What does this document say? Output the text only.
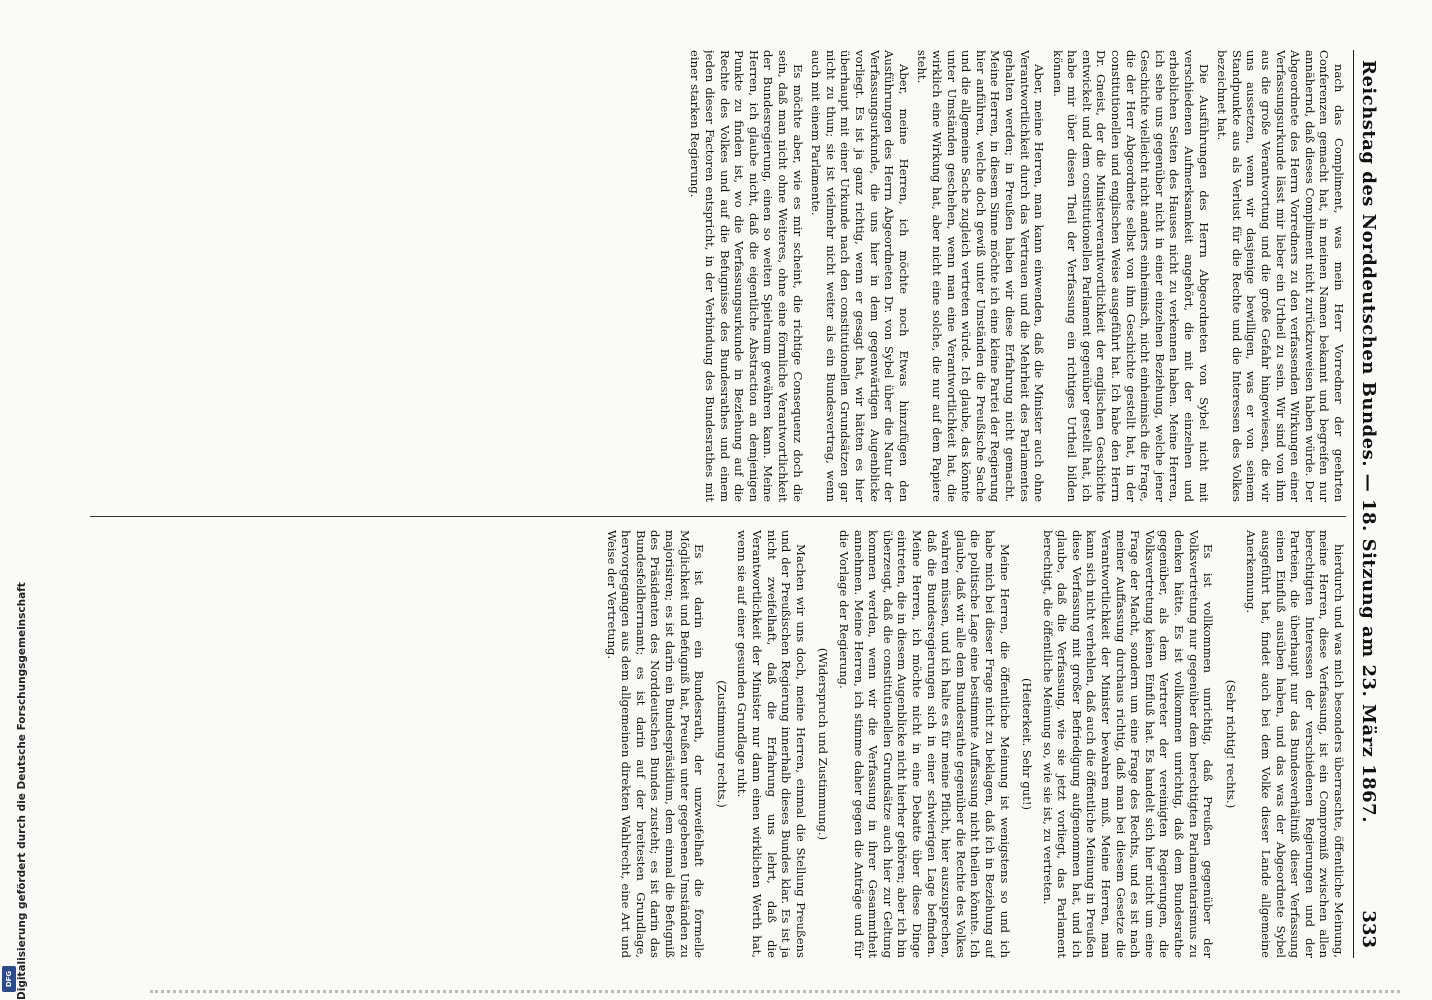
Reichstag des Norddeutschen Bundes. — 18. Sitzung am 23. März 1867.
333

nach das Compliment, was mein Herr Vorredner der geehrten Conferenzen gemacht hat, in meinen Namen bekannt und begreifen nur annähernd, daß dieses Compliment nicht zurückzuweisen haben würde. Der Abgeordnete des Herrn Vorredners zu den verfassenden Wirkungen einer Verfassungsurkunde lässt mir lieber ein Urtheil zu sein. Wir sind von ihm aus die große Verantwortung und die große Gefahr hingewiesen, die wir uns aussetzen, wenn wir dasjenige bewilligen, was er von seinem Standpunkte aus als Verlust für die Rechte und die Interessen des Volkes bezeichnet hat.

Die Ausführungen des Herrn Abgeordneten von Sybel nicht mit verschiedenen Aufmerksamkeit angehört, die mit der einzelnen und erheblichen Seiten des Hauses nicht zu verkennen haben. Meine Herren, ich sehe uns gegenüber nicht in einer einzelnen Beziehung, welche jener Geschichte vielleicht nicht anders einheimisch, nicht einheimisch die Frage, die der Herr Abgeordnete selbst von ihm Geschichte gestellt hat, in der constitutionellen und englischen Weise ausgeführt hat. Ich habe den Herrn Dr. Gneist, der die Ministerverantwortlichkeit der englischen Geschichte entwickelt und dem constitutionellen Parlament gegenüber gestellt hat, ich habe mir über diesen Theil der Verfassung ein richtiges Urtheil bilden können.

Aber, meine Herren, man kann einwenden, daß die Minister auch ohne Verantwortlichkeit durch das Vertrauen und die Mehrheit des Parlamentes gehalten werden; in Preußen haben wir diese Erfahrung nicht gemacht. Meine Herren, in diesem Sinne möchte ich eine kleine Partei der Regierung hier anführen, welche doch gewiß unter Umständen die Preußische Sache und die allgemeine Sache zugleich vertreten würde. Ich glaube, das könnte unter Umständen geschehen, wenn man eine Verantwortlichkeit hat, die wirklich eine Wirkung hat, aber nicht eine solche, die nur auf dem Papiere steht.

Aber, meine Herren, ich möchte noch Etwas hinzufügen den Ausführungen des Herrn Abgeordneten Dr. von Sybel über die Natur der Verfassungsurkunde, die uns hier in dem gegenwärtigen Augenblicke vorliegt. Es ist ja ganz richtig, wenn er gesagt hat, wir hätten es hier überhaupt mit einer Urkunde nach den constitutionellen Grundsätzen gar nicht zu thun; sie ist vielmehr nicht weiter als ein Bundesvertrag, wenn auch mit einem Parlamente.

Es möchte aber, wie es mir scheint, die richtige Consequenz doch die sein, daß man nicht ohne Weiteres, ohne eine förmliche Verantwortlichkeit der Bundesregierung, einen so weiten Spielraum gewähren kann. Meine Herren, ich glaube nicht, daß die eigentliche Abstraction an demjenigen Punkte zu finden ist, wo die Verfassungsurkunde in Beziehung auf die Rechte des Volkes und auf die Befugnisse des Bundesrathes und einem jeden dieser Factoren entspricht, in der Verbindung des Bundesrathes mit einer starken Regierung.

hierdurch und was mich besonders überraschte, öffentliche Meinung, meine Herren, diese Verfassung, ist ein Compromiß zwischen allen berechtigten Interessen der verschiedenen Regierungen und der Parteien, die überhaupt nur das Bundesverhältniß dieser Verfassung einen Einfluß ausüben haben, und das was der Abgeordnete Sybel ausgeführt hat, findet auch bei dem Volke dieser Lande allgemeine Anerkennung.

(Sehr richtig! rechts.)

Es ist vollkommen unrichtig, daß Preußen gegenüber der Volksvertretung nur gegenüber dem berechtigten Parlamentarismus zu denken hätte. Es ist vollkommen unrichtig, daß dem Bundesrathe gegenüber, als dem Vertreter der vereinigten Regierungen, die Volksvertretung keinen Einfluß hat. Es handelt sich hier nicht um eine Frage der Macht, sondern um eine Frage des Rechts, und es ist nach meiner Auffassung durchaus richtig, daß man bei diesem Gesetze die Verantwortlichkeit der Minister bewahren muß. Meine Herren, man kann sich nicht verhehlen, daß auch die öffentliche Meinung in Preußen diese Verfassung mit großer Befriedigung aufgenommen hat, und ich glaube, daß die Verfassung, wie sie jetzt vorliegt, das Parlament berechtigt, die öffentliche Meinung so, wie sie ist, zu vertreten.

(Heiterkeit. Sehr gut!)

Meine Herren, die öffentliche Meinung ist wenigstens so und ich habe mich bei dieser Frage nicht zu beklagen, daß ich in Beziehung auf die politische Lage eine bestimmte Auffassung nicht theilen könnte. Ich glaube, daß wir alle dem Bundesrathe gegenüber die Rechte des Volkes wahren müssen, und ich halte es für meine Pflicht, hier auszusprechen, daß die Bundesregierungen sich in einer schwierigen Lage befinden. Meine Herren, ich möchte nicht in eine Debatte über diese Dinge eintreten, die in diesem Augenblicke nicht hierher gehören; aber ich bin überzeugt, daß die constitutionellen Grundsätze auch hier zur Geltung kommen werden, wenn wir die Verfassung in ihrer Gesammtheit annehmen. Meine Herren, ich stimme daher gegen die Anträge und für die Vorlage der Regierung.

(Widerspruch und Zustimmung.)

Machen wir uns doch, meine Herren, einmal die Stellung Preußens und der Preußischen Regierung innerhalb dieses Bundes klar. Es ist ja nicht zweifelhaft, daß die Erfahrung uns lehrt, daß die Verantwortlichkeit der Minister nur dann einen wirklichen Werth hat, wenn sie auf einer gesunden Grundlage ruht.

(Zustimmung rechts.)

Es ist darin ein Bundesrath, der unzweifelhaft die formelle Möglichkeit und Befugniß hat, Preußen unter gegebenen Umständen zu majorisiren; es ist darin ein Bundespräsidium, dem einmal die Befugniß des Präsidenten des Norddeutschen Bundes zusteht; es ist darin das Bundesfeldherrnamt; es ist darin auf der breitesten Grundlage, hervorgegangen aus dem allgemeinen direkten Wahlrecht, eine Art und Weise der Vertretung.

Digitalisierung gefördert durch die Deutsche Forschungsgemeinschaft
DFG
